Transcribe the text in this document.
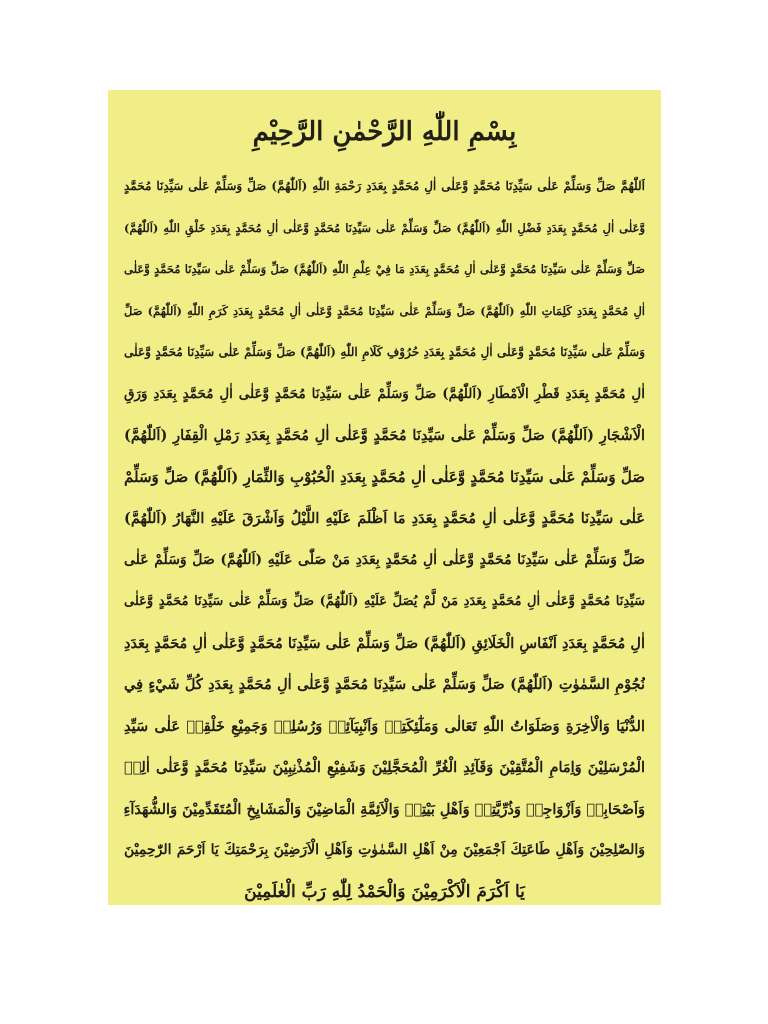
بِسْمِ اللّٰهِ الرَّحْمٰنِ الرَّحِيْمِ
اَللّٰهُمَّ صَلِّ وَسَلِّمْ عَلٰى سَيِّدِنَا مُحَمَّدٍ وَّعَلٰى اٰلِ مُحَمَّدٍ بِعَدَدِ رَحْمَةِ اللّٰهِ (اَللّٰهُمَّ) صَلِّ وَسَلِّمْ عَلٰى سَيِّدِنَا مُحَمَّدٍ
وَّعَلٰى اٰلِ مُحَمَّدٍ بِعَدَدِ فَضْلِ اللّٰهِ (اَللّٰهُمَّ) صَلِّ وَسَلِّمْ عَلٰى سَيِّدِنَا مُحَمَّدٍ وَّعَلٰى اٰلِ مُحَمَّدٍ بِعَدَدِ خَلْقِ اللّٰهِ (اَللّٰهُمَّ)
صَلِّ وَسَلِّمْ عَلٰى سَيِّدِنَا مُحَمَّدٍ وَّعَلٰى اٰلِ مُحَمَّدٍ بِعَدَدِ مَا فِيْ عِلْمِ اللّٰهِ (اَللّٰهُمَّ) صَلِّ وَسَلِّمْ عَلٰى سَيِّدِنَا مُحَمَّدٍ وَّعَلٰى
اٰلِ مُحَمَّدٍ بِعَدَدِ كَلِمَاتِ اللّٰهِ (اَللّٰهُمَّ) صَلِّ وَسَلِّمْ عَلٰى سَيِّدِنَا مُحَمَّدٍ وَّعَلٰى اٰلِ مُحَمَّدٍ بِعَدَدِ كَرَمِ اللّٰهِ (اَللّٰهُمَّ) صَلِّ
وَسَلِّمْ عَلٰى سَيِّدِنَا مُحَمَّدٍ وَّعَلٰى اٰلِ مُحَمَّدٍ بِعَدَدِ حُرُوْفِ كَلَامِ اللّٰهِ (اَللّٰهُمَّ) صَلِّ وَسَلِّمْ عَلٰى سَيِّدِنَا مُحَمَّدٍ وَّعَلٰى
اٰلِ مُحَمَّدٍ بِعَدَدِ قَطْرِ الْاَمْطَارِ (اَللّٰهُمَّ) صَلِّ وَسَلِّمْ عَلٰى سَيِّدِنَا مُحَمَّدٍ وَّعَلٰى اٰلِ مُحَمَّدٍ بِعَدَدِ وَرَقِ
الْاَشْجَارِ (اَللّٰهُمَّ) صَلِّ وَسَلِّمْ عَلٰى سَيِّدِنَا مُحَمَّدٍ وَّعَلٰى اٰلِ مُحَمَّدٍ بِعَدَدِ رَمْلِ الْقِفَارِ (اَللّٰهُمَّ)
صَلِّ وَسَلِّمْ عَلٰى سَيِّدِنَا مُحَمَّدٍ وَّعَلٰى اٰلِ مُحَمَّدٍ بِعَدَدِ الْحُبُوْبِ وَالثِّمَارِ (اَللّٰهُمَّ) صَلِّ وَسَلِّمْ
عَلٰى سَيِّدِنَا مُحَمَّدٍ وَّعَلٰى اٰلِ مُحَمَّدٍ بِعَدَدِ مَا اَظْلَمَ عَلَيْهِ اللَّيْلُ وَاَشْرَقَ عَلَيْهِ النَّهَارُ (اَللّٰهُمَّ)
صَلِّ وَسَلِّمْ عَلٰى سَيِّدِنَا مُحَمَّدٍ وَّعَلٰى اٰلِ مُحَمَّدٍ بِعَدَدِ مَنْ صَلّٰى عَلَيْهِ (اَللّٰهُمَّ) صَلِّ وَسَلِّمْ عَلٰى
سَيِّدِنَا مُحَمَّدٍ وَّعَلٰى اٰلِ مُحَمَّدٍ بِعَدَدِ مَنْ لَّمْ يُصَلِّ عَلَيْهِ (اَللّٰهُمَّ) صَلِّ وَسَلِّمْ عَلٰى سَيِّدِنَا مُحَمَّدٍ وَّعَلٰى
اٰلِ مُحَمَّدٍ بِعَدَدِ اَنْفَاسِ الْخَلَائِقِ (اَللّٰهُمَّ) صَلِّ وَسَلِّمْ عَلٰى سَيِّدِنَا مُحَمَّدٍ وَّعَلٰى اٰلِ مُحَمَّدٍ بِعَدَدِ
نُجُوْمِ السَّمٰوٰتِ (اَللّٰهُمَّ) صَلِّ وَسَلِّمْ عَلٰى سَيِّدِنَا مُحَمَّدٍ وَّعَلٰى اٰلِ مُحَمَّدٍ بِعَدَدِ كُلِّ شَيْءٍ فِي
الدُّنْيَا وَالْاٰخِرَةِ وَصَلَوَاتُ اللّٰهِ تَعَالٰى وَمَلٰٓئِكَتِهٖ وَاَنْبِيَآئِهٖ وَرُسُلِهٖ وَجَمِيْعِ خَلْقِهٖ عَلٰى سَيِّدِ
الْمُرْسَلِيْنَ وَاِمَامِ الْمُتَّقِيْنَ وَقَآئِدِ الْغُرِّ الْمُحَجَّلِيْنَ وَشَفِيْعِ الْمُذْنِبِيْنَ سَيِّدِنَا مُحَمَّدٍ وَّعَلٰى اٰلِهٖ
وَاَصْحَابِهٖ وَاَزْوَاجِهٖ وَذُرِّيَّتِهٖ وَاَهْلِ بَيْتِهٖ وَالْاَئِمَّةِ الْمَاضِيْنَ وَالْمَشَايِخِ الْمُتَقَدِّمِيْنَ وَالشُّهَدَآءِ
وَالصّٰلِحِيْنَ وَاَهْلِ طَاعَتِكَ اَجْمَعِيْنَ مِنْ اَهْلِ السَّمٰوٰتِ وَاَهْلِ الْاَرَضِيْنَ بِرَحْمَتِكَ يَا اَرْحَمَ الرّٰحِمِيْنَ
يَا اَكْرَمَ الْاَكْرَمِيْنَ وَالْحَمْدُ لِلّٰهِ رَبِّ الْعٰلَمِيْنَ
